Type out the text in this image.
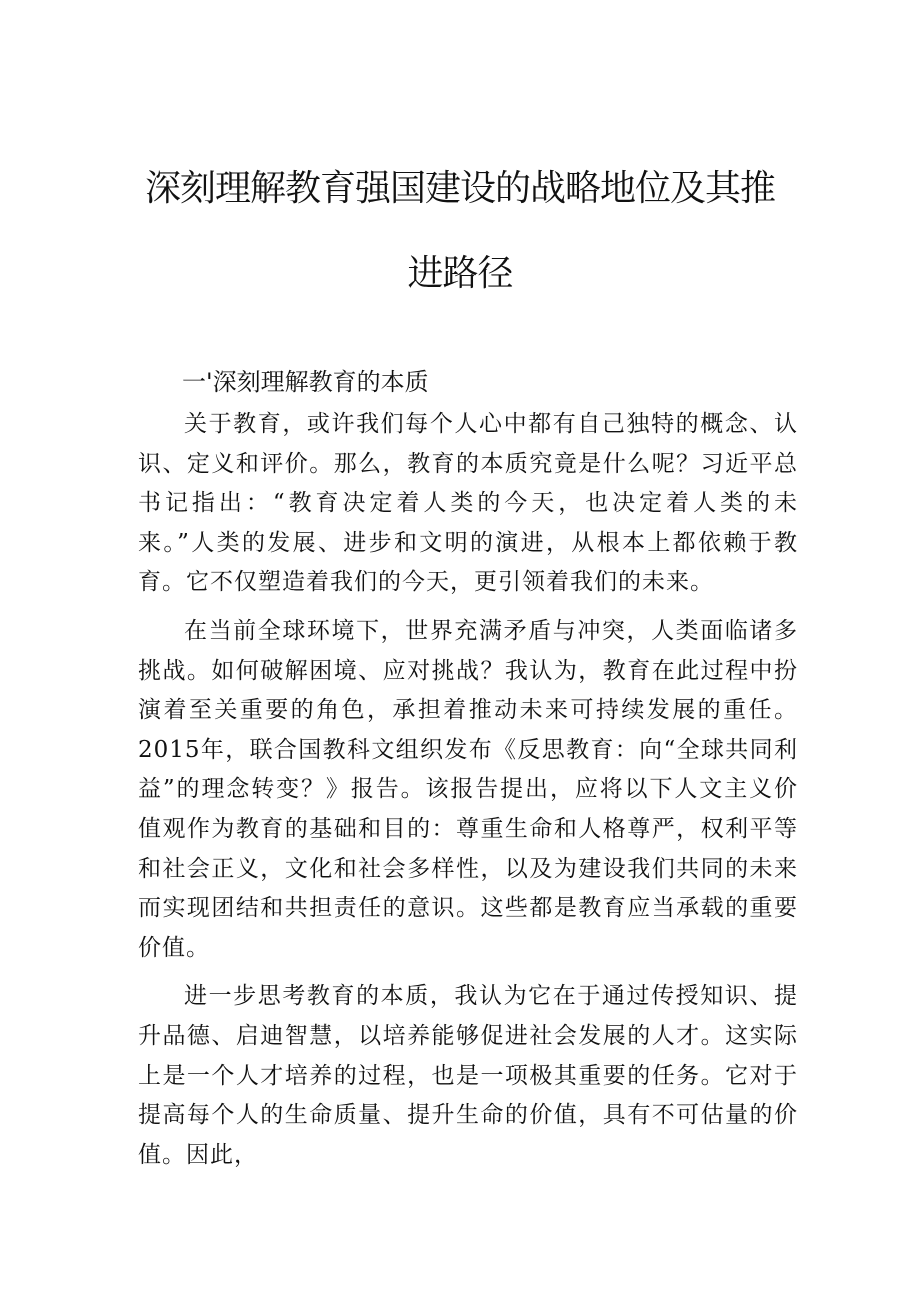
深刻理解教育强国建设的战略地位及其推
进路径
一'深刻理解教育的本质

关于教育，或许我们每个人心中都有自己独特的概念、认识、定义和评价。那么，教育的本质究竟是什么呢？习近平总书记指出：“教育决定着人类的今天，也决定着人类的未来。”人类的发展、进步和文明的演进，从根本上都依赖于教育。它不仅塑造着我们的今天，更引领着我们的未来。

在当前全球环境下，世界充满矛盾与冲突，人类面临诸多挑战。如何破解困境、应对挑战？我认为，教育在此过程中扮演着至关重要的角色，承担着推动未来可持续发展的重任。2015年，联合国教科文组织发布《反思教育：向“全球共同利益”的理念转变？》报告。该报告提出，应将以下人文主义价值观作为教育的基础和目的：尊重生命和人格尊严，权利平等和社会正义，文化和社会多样性，以及为建设我们共同的未来而实现团结和共担责任的意识。这些都是教育应当承载的重要价值。

进一步思考教育的本质，我认为它在于通过传授知识、提升品德、启迪智慧，以培养能够促进社会发展的人才。这实际上是一个人才培养的过程，也是一项极其重要的任务。它对于提高每个人的生命质量、提升生命的价值，具有不可估量的价值。因此，
